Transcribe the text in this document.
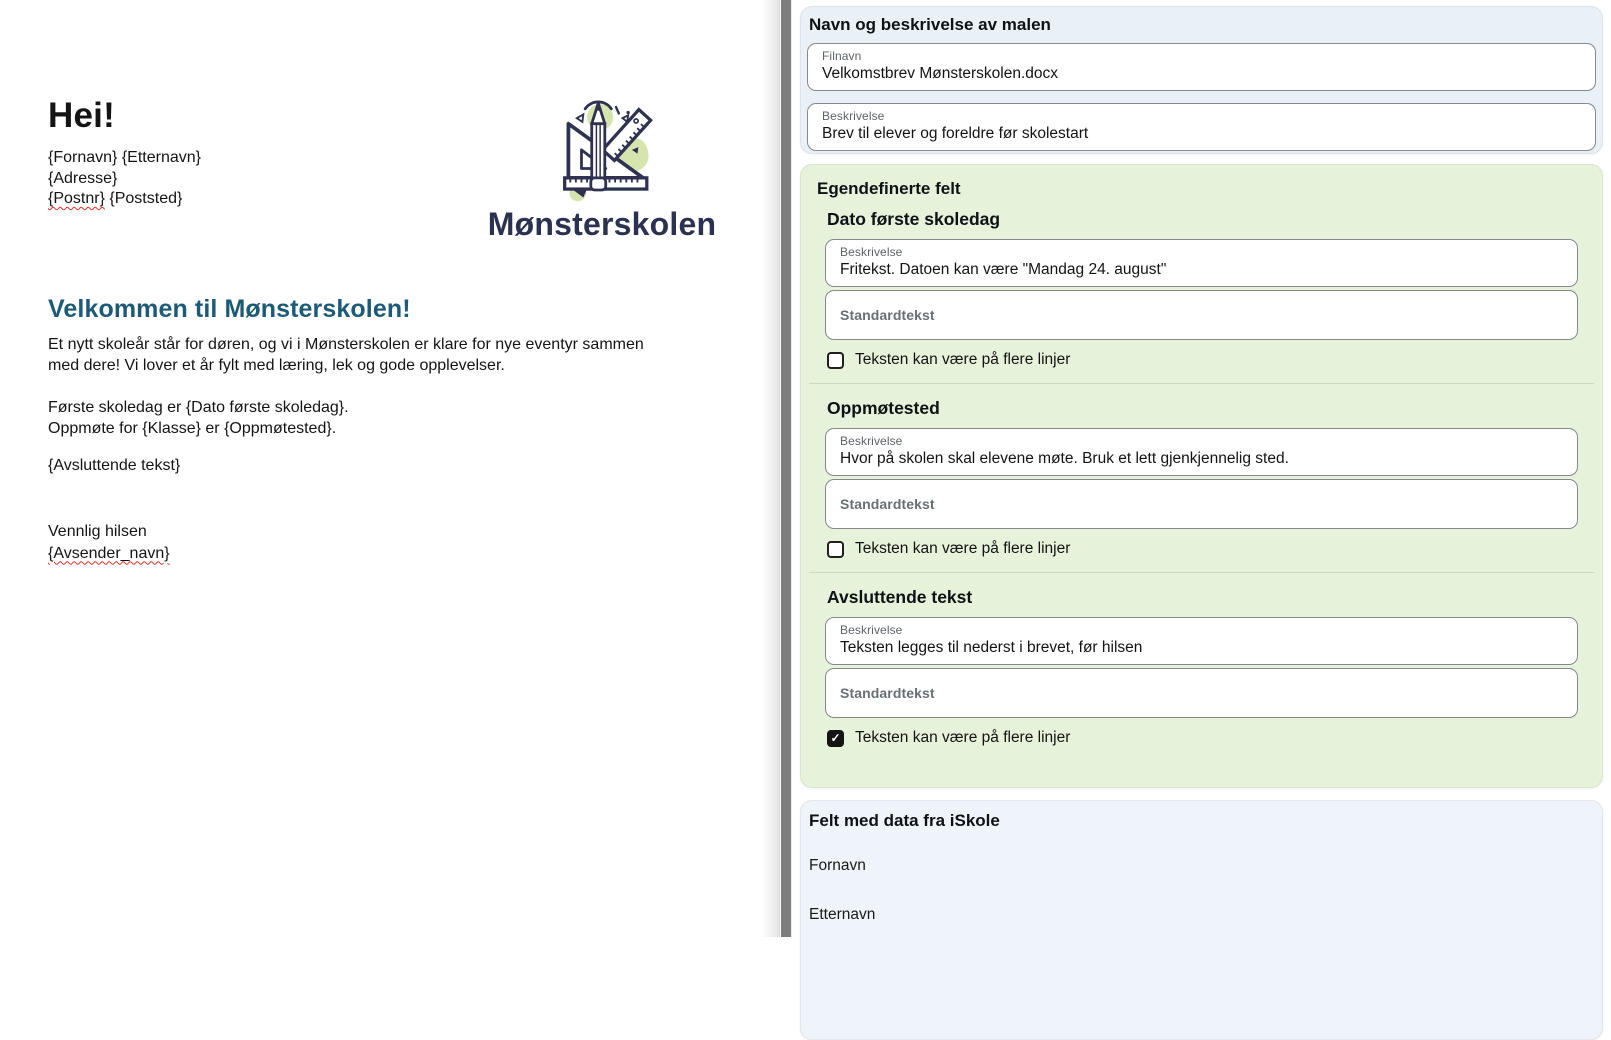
Hei!
{Fornavn} {Etternavn}
{Adresse}
{Postnr} {Poststed}
Mønsterskolen
Velkommen til Mønsterskolen!
Et nytt skoleår står for døren, og vi i Mønsterskolen er klare for nye eventyr sammen med dere! Vi lover et år fylt med læring, lek og gode opplevelser.
Første skoledag er {Dato første skoledag}.
Oppmøte for {Klasse} er {Oppmøtested}.
{Avsluttende tekst}
Vennlig hilsen
{Avsender_navn}
Navn og beskrivelse av malen
Filnavn
Velkomstbrev Mønsterskolen.docx
Beskrivelse
Brev til elever og foreldre før skolestart
Egendefinerte felt
Dato første skoledag
Beskrivelse
Fritekst. Datoen kan være "Mandag 24. august"
Standardtekst
Teksten kan være på flere linjer
Oppmøtested
Beskrivelse
Hvor på skolen skal elevene møte. Bruk et lett gjenkjennelig sted.
Standardtekst
Teksten kan være på flere linjer
Avsluttende tekst
Beskrivelse
Teksten legges til nederst i brevet, før hilsen
Standardtekst
✓
Teksten kan være på flere linjer
Felt med data fra iSkole
Fornavn
Etternavn
